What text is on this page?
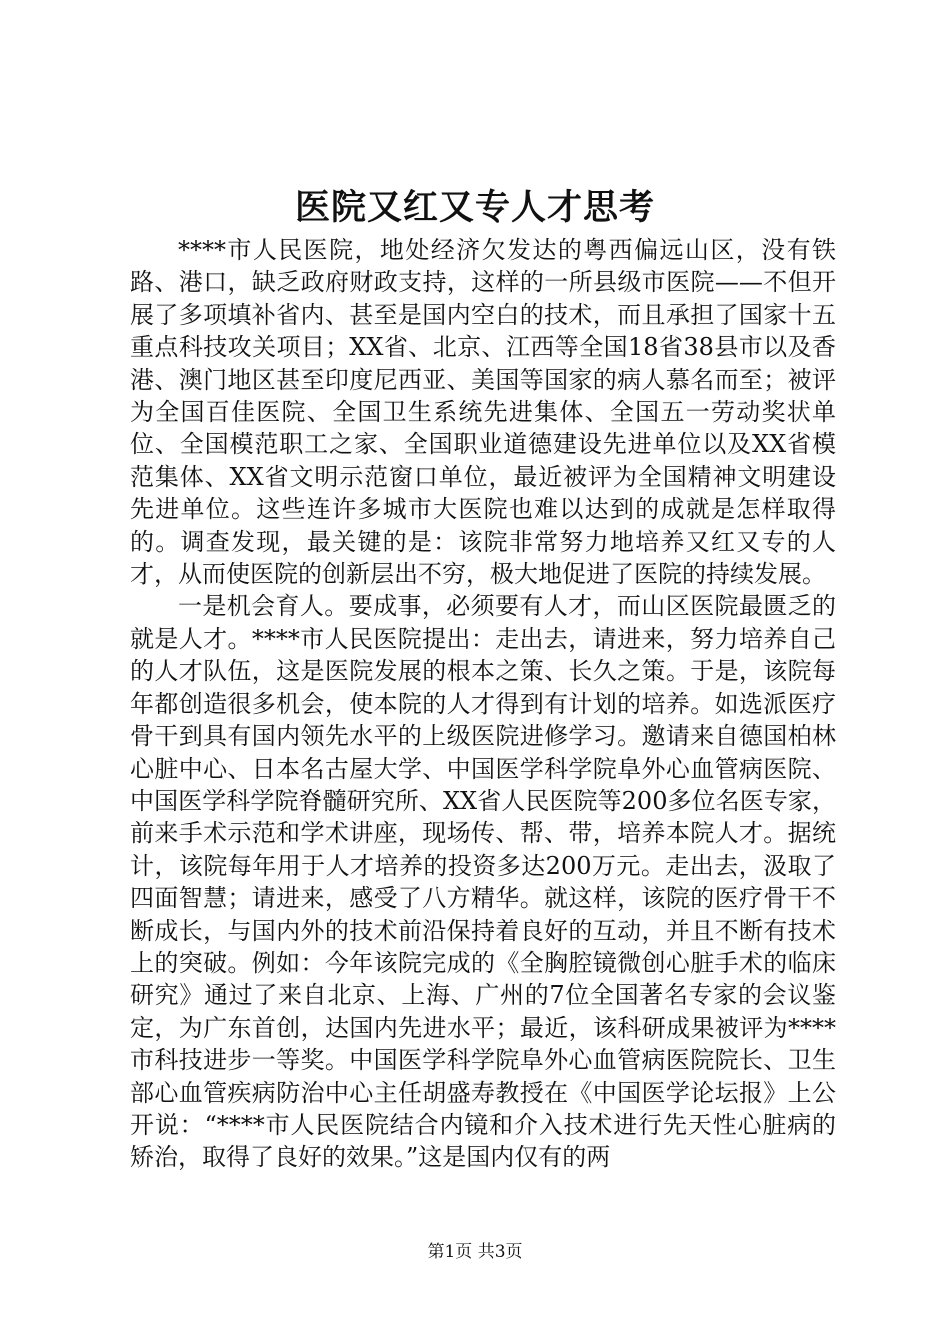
医院又红又专人才思考

****市人民医院，地处经济欠发达的粤西偏远山区，没有铁路、港口，缺乏政府财政支持，这样的一所县级市医院——不但开展了多项填补省内、甚至是国内空白的技术，而且承担了国家十五重点科技攻关项目；XX省、北京、江西等全国18省38县市以及香港、澳门地区甚至印度尼西亚、美国等国家的病人慕名而至；被评为全国百佳医院、全国卫生系统先进集体、全国五一劳动奖状单位、全国模范职工之家、全国职业道德建设先进单位以及XX省模范集体、XX省文明示范窗口单位，最近被评为全国精神文明建设先进单位。这些连许多城市大医院也难以达到的成就是怎样取得的。调查发现，最关键的是：该院非常努力地培养又红又专的人才，从而使医院的创新层出不穷，极大地促进了医院的持续发展。

一是机会育人。要成事，必须要有人才，而山区医院最匮乏的就是人才。****市人民医院提出：走出去，请进来，努力培养自己的人才队伍，这是医院发展的根本之策、长久之策。于是，该院每年都创造很多机会，使本院的人才得到有计划的培养。如选派医疗骨干到具有国内领先水平的上级医院进修学习。邀请来自德国柏林心脏中心、日本名古屋大学、中国医学科学院阜外心血管病医院、中国医学科学院脊髓研究所、XX省人民医院等200多位名医专家，前来手术示范和学术讲座，现场传、帮、带，培养本院人才。据统计，该院每年用于人才培养的投资多达200万元。走出去，汲取了四面智慧；请进来，感受了八方精华。就这样，该院的医疗骨干不断成长，与国内外的技术前沿保持着良好的互动，并且不断有技术上的突破。例如：今年该院完成的《全胸腔镜微创心脏手术的临床研究》通过了来自北京、上海、广州的7位全国著名专家的会议鉴定，为广东首创，达国内先进水平；最近，该科研成果被评为****市科技进步一等奖。中国医学科学院阜外心血管病医院院长、卫生部心血管疾病防治中心主任胡盛寿教授在《中国医学论坛报》上公开说：“****市人民医院结合内镜和介入技术进行先天性心脏病的矫治，取得了良好的效果。”这是国内仅有的两

第1页 共3页
